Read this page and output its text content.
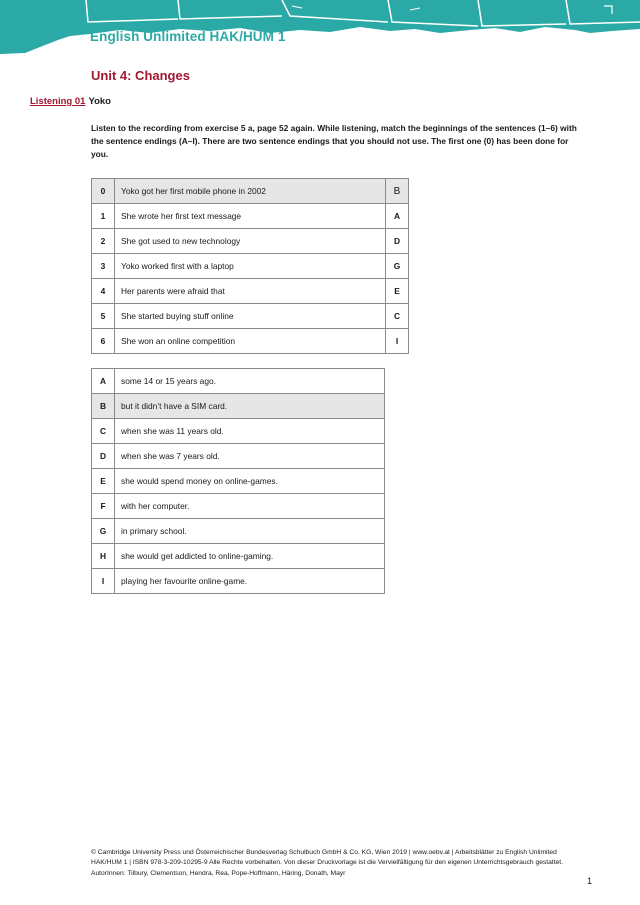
English Unlimited HAK/HUM 1
Unit 4: Changes
Listening 01 Yoko
Listen to the recording from exercise 5 a, page 52 again. While listening, match the beginnings of the sentences (1–6) with the sentence endings (A–I). There are two sentence endings that you should not use. The first one (0) has been done for you.
0	Yoko got her first mobile phone in 2002	B
1	She wrote her first text message	A
2	She got used to new technology	D
3	Yoko worked first with a laptop	G
4	Her parents were afraid that	E
5	She started buying stuff online	C
6	She won an online competition	I
A	some 14 or 15 years ago.
B	but it didn’t have a SIM card.
C	when she was 11 years old.
D	when she was 7 years old.
E	she would spend money on online-games.
F	with her computer.
G	in primary school.
H	she would get addicted to online-gaming.
I	playing her favourite online-game.
© Cambridge University Press und Österreichischer Bundesverlag Schulbuch GmbH & Co. KG, Wien 2019 | www.oebv.at | Arbeitsblätter zu English Unlimited HAK/HUM 1 | ISBN 978-3-209-10295-9 Alle Rechte vorbehalten. Von dieser Druckvorlage ist die Vervielfältigung für den eigenen Unterrichtsgebrauch gestattet.
AutorInnen: Tilbury, Clementson, Hendra, Rea, Pope-Hoffmann, Häring, Donath, Mayr
1
